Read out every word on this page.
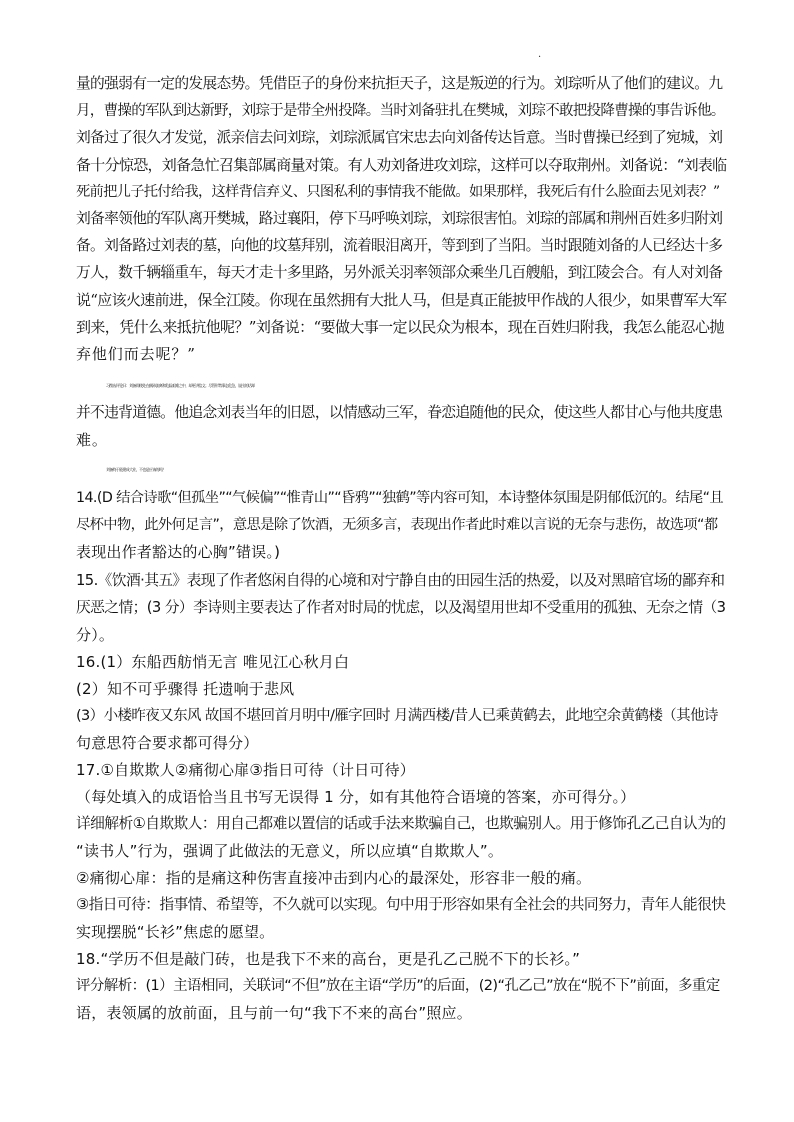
·
量的强弱有一定的发展态势。凭借臣子的身份来抗拒天子，这是叛逆的行为。刘琮听从了他们的建议。九
月，曹操的军队到达新野，刘琮于是带全州投降。当时刘备驻扎在樊城，刘琮不敢把投降曹操的事告诉他。
刘备过了很久才发觉，派亲信去问刘琮，刘琮派属官宋忠去向刘备传达旨意。当时曹操已经到了宛城，刘
备十分惊恐，刘备急忙召集部属商量对策。有人劝刘备进攻刘琮，这样可以夺取荆州。刘备说：“刘表临
死前把儿子托付给我，这样背信弃义、只图私利的事情我不能做。如果那样，我死后有什么脸面去见刘表？”
刘备率领他的军队离开樊城，路过襄阳，停下马呼唤刘琮，刘琮很害怕。刘琮的部属和荆州百姓多归附刘
备。刘备路过刘表的墓，向他的坟墓拜别，流着眼泪离开，等到到了当阳。当时跟随刘备的人已经达十多
万人，数千辆辎重车，每天才走十多里路，另外派关羽率领部众乘坐几百艘船，到江陵会合。有人对刘备
说“应该火速前进，保全江陵。你现在虽然拥有大批人马，但是真正能披甲作战的人很少，如果曹军大军
到来，凭什么来抵抗他呢？”刘备说：“要做大事一定以民众为根本，现在百姓归附我，我怎么能忍心抛
弃他们而去呢？”
习凿齿评论曰：刘备即使处在颠沛流离和危险艰难之中，却更讲信义；尽管形势事态危急，说出的话却
并不违背道德。他追念刘表当年的旧恩，以情感动三军，眷恋追随他的民众，使这些人都甘心与他共度患
难。
刘备终于能建成大业，不也是应该的吗？
14.(D 结合诗歌“但孤坐”“气候偏”“惟青山”“昏鸦”“独鹤”等内容可知，本诗整体氛围是阴郁低沉的。结尾“且
尽杯中物，此外何足言”，意思是除了饮酒，无须多言，表现出作者此时难以言说的无奈与悲伤，故选项“都
表现出作者豁达的心胸”错误。)
15.《饮酒·其五》表现了作者悠闲自得的心境和对宁静自由的田园生活的热爱，以及对黑暗官场的鄙弃和
厌恶之情；(3 分）李诗则主要表达了作者对时局的忧虑，以及渴望用世却不受重用的孤独、无奈之情（3
分）。
16.(1）东船西舫悄无言 唯见江心秋月白
(2）知不可乎骤得 托遗响于悲风
(3）小楼昨夜又东风 故国不堪回首月明中/雁字回时 月满西楼/昔人已乘黄鹤去，此地空余黄鹤楼（其他诗
句意思符合要求都可得分）
17.①自欺欺人②痛彻心扉③指日可待（计日可待）
（每处填入的成语恰当且书写无误得 1 分，如有其他符合语境的答案，亦可得分。）
详细解析①自欺欺人：用自己都难以置信的话或手法来欺骗自己，也欺骗别人。用于修饰孔乙己自认为的
“读书人”行为，强调了此做法的无意义，所以应填“自欺欺人”。
②痛彻心扉：指的是痛这种伤害直接冲击到内心的最深处，形容非一般的痛。
③指日可待：指事情、希望等，不久就可以实现。句中用于形容如果有全社会的共同努力，青年人能很快
实现摆脱“长衫”焦虑的愿望。
18.“学历不但是敲门砖，也是我下不来的高台，更是孔乙己脱不下的长衫。”
评分解析：(1）主语相同，关联词“不但”放在主语“学历”的后面，(2)“孔乙己”放在“脱不下”前面，多重定
语，表领属的放前面，且与前一句“我下不来的高台”照应。
